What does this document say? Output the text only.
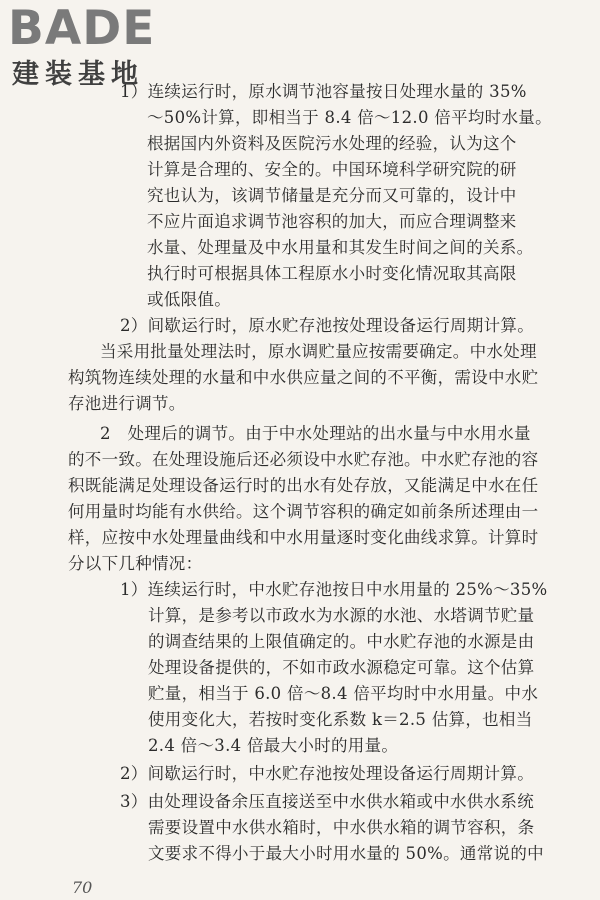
BADE
建装基地
1）连续运行时，原水调节池容量按日处理水量的 35%
～50%计算，即相当于 8.4 倍～12.0 倍平均时水量。
根据国内外资料及医院污水处理的经验，认为这个
计算是合理的、安全的。中国环境科学研究院的研
究也认为，该调节储量是充分而又可靠的，设计中
不应片面追求调节池容积的加大，而应合理调整来
水量、处理量及中水用量和其发生时间之间的关系。
执行时可根据具体工程原水小时变化情况取其高限
或低限值。
2）间歇运行时，原水贮存池按处理设备运行周期计算。
当采用批量处理法时，原水调贮量应按需要确定。中水处理
构筑物连续处理的水量和中水供应量之间的不平衡，需设中水贮
存池进行调节。
2　处理后的调节。由于中水处理站的出水量与中水用水量
的不一致。在处理设施后还必须设中水贮存池。中水贮存池的容
积既能满足处理设备运行时的出水有处存放，又能满足中水在任
何用量时均能有水供给。这个调节容积的确定如前条所述理由一
样，应按中水处理量曲线和中水用量逐时变化曲线求算。计算时
分以下几种情况：
1）连续运行时，中水贮存池按日中水用量的 25%～35%
计算，是参考以市政水为水源的水池、水塔调节贮量
的调查结果的上限值确定的。中水贮存池的水源是由
处理设备提供的，不如市政水源稳定可靠。这个估算
贮量，相当于 6.0 倍～8.4 倍平均时中水用量。中水
使用变化大，若按时变化系数 k＝2.5 估算，也相当
2.4 倍～3.4 倍最大小时的用量。
2）间歇运行时，中水贮存池按处理设备运行周期计算。
3）由处理设备余压直接送至中水供水箱或中水供水系统
需要设置中水供水箱时，中水供水箱的调节容积，条
文要求不得小于最大小时用水量的 50%。通常说的中
70
